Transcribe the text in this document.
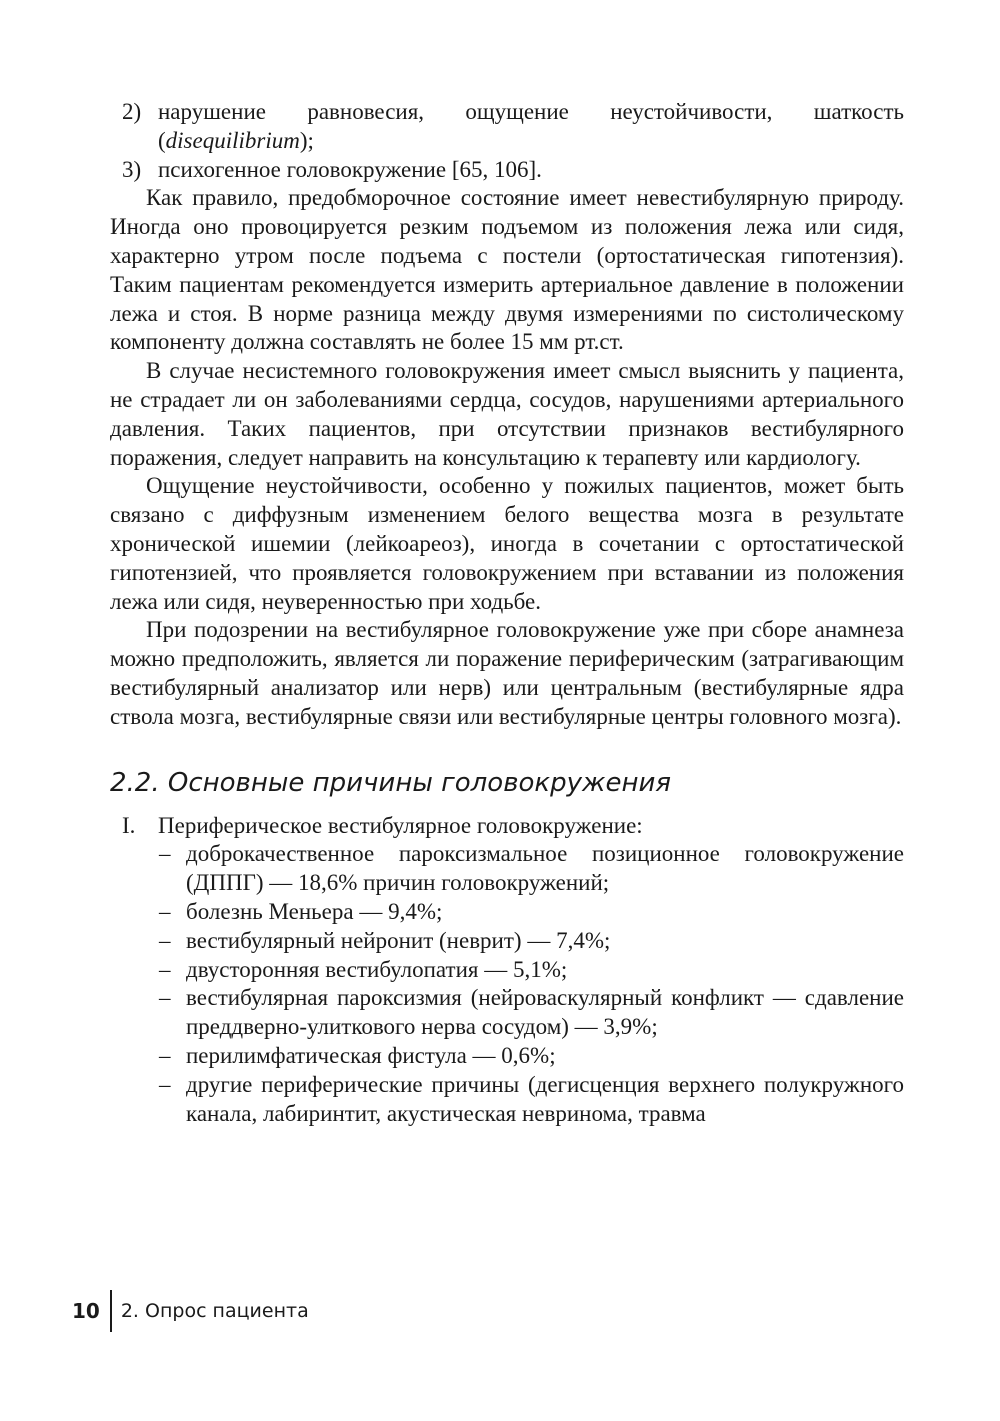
2) нарушение равновесия, ощущение неустойчивости, шаткость (disequilibrium);
3) психогенное головокружение [65, 106].

Как правило, предобморочное состояние имеет невестибулярную природу. Иногда оно провоцируется резким подъемом из положения лежа или сидя, характерно утром после подъема с постели (ортостатическая гипотензия). Таким пациентам рекомендуется измерить артериальное давление в положении лежа и стоя. В норме разница между двумя измерениями по систолическому компоненту должна составлять не более 15 мм рт.ст.

В случае несистемного головокружения имеет смысл выяснить у пациента, не страдает ли он заболеваниями сердца, сосудов, нарушениями артериального давления. Таких пациентов, при отсутствии признаков вестибулярного поражения, следует направить на консультацию к терапевту или кардиологу.

Ощущение неустойчивости, особенно у пожилых пациентов, может быть связано с диффузным изменением белого вещества мозга в результате хронической ишемии (лейкоареоз), иногда в сочетании с ортостатической гипотензией, что проявляется головокружением при вставании из положения лежа или сидя, неуверенностью при ходьбе.

При подозрении на вестибулярное головокружение уже при сборе анамнеза можно предположить, является ли поражение периферическим (затрагивающим вестибулярный анализатор или нерв) или центральным (вестибулярные ядра ствола мозга, вестибулярные связи или вестибулярные центры головного мозга).

2.2. Основные причины головокружения
I. Периферическое вестибулярное головокружение:
– доброкачественное пароксизмальное позиционное головокружение (ДППГ) — 18,6% причин головокружений;
– болезнь Меньера — 9,4%;
– вестибулярный нейронит (неврит) — 7,4%;
– двусторонняя вестибулопатия — 5,1%;
– вестибулярная пароксизмия (нейроваскулярный конфликт — сдавление преддверно-улиткового нерва сосудом) — 3,9%;
– перилимфатическая фистула — 0,6%;
– другие периферические причины (дегисценция верхнего полукружного канала, лабиринтит, акустическая невринома, травма
10	2. Опрос пациента
